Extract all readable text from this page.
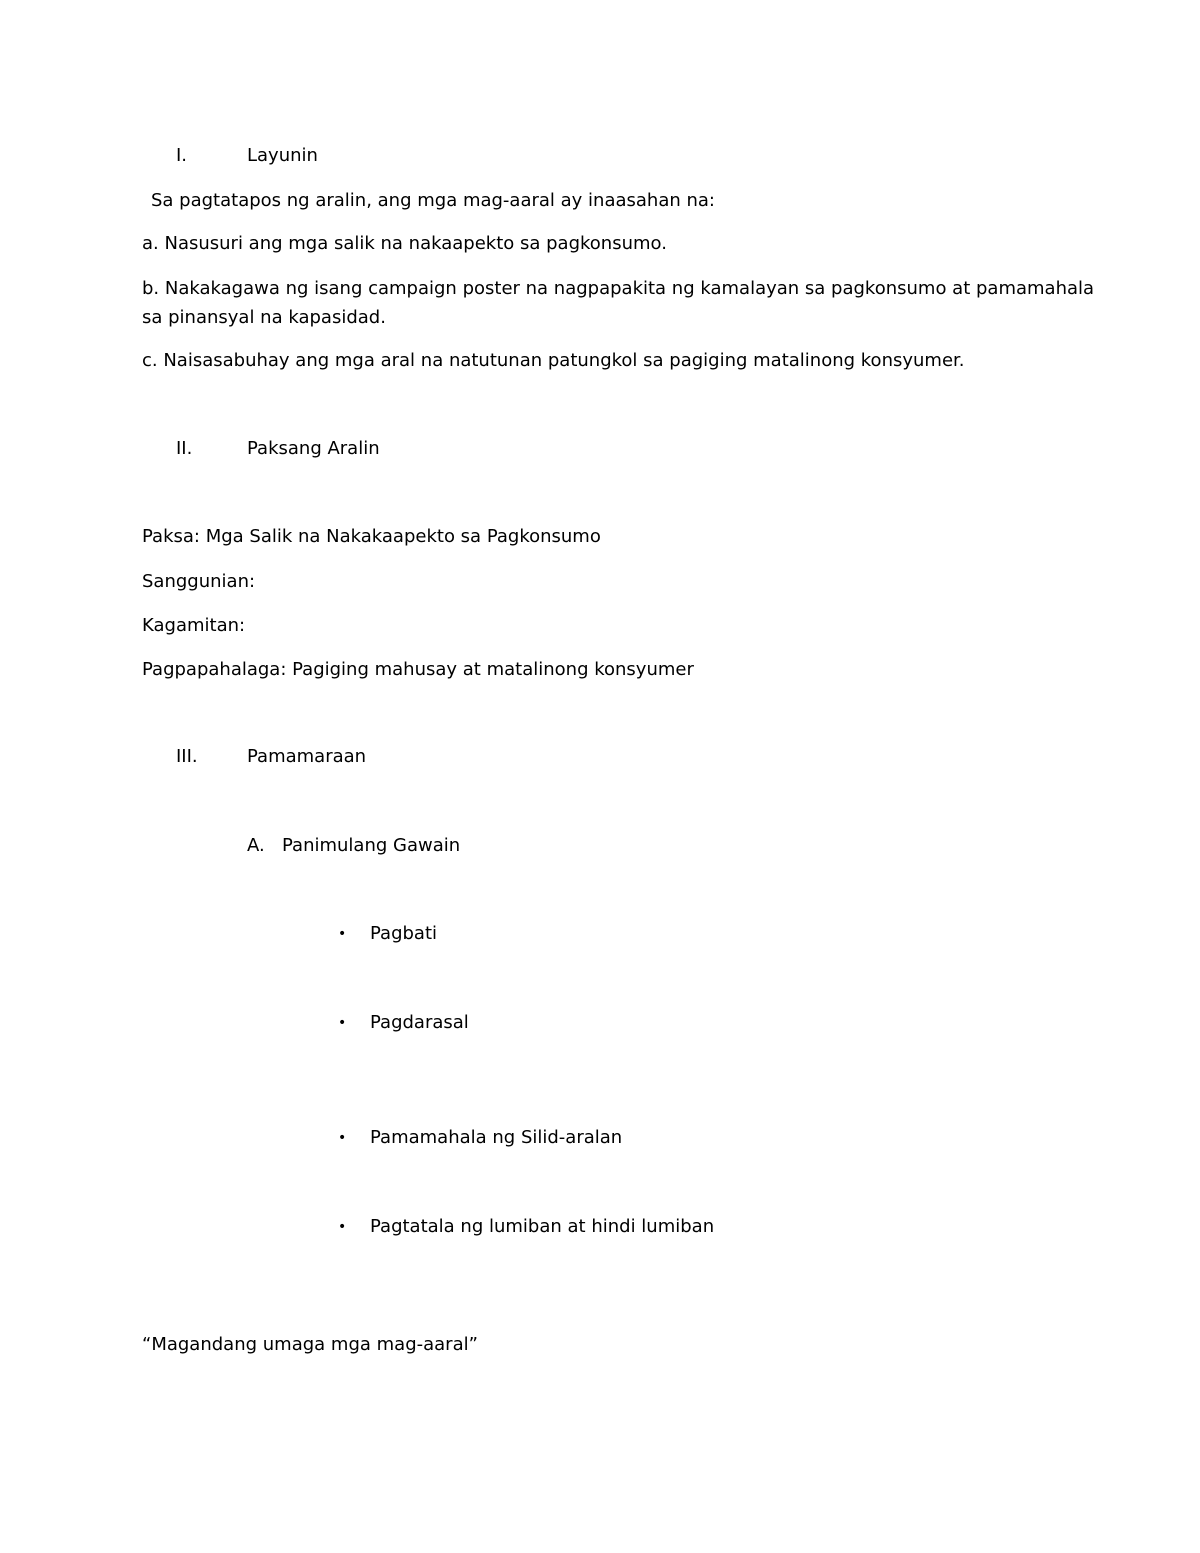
I.	Layunin
Sa pagtatapos ng aralin, ang mga mag-aaral ay inaasahan na:
a. Nasusuri ang mga salik na nakaapekto sa pagkonsumo.
b. Nakakagawa ng isang campaign poster na nagpapakita ng kamalayan sa pagkonsumo at pamamahala
sa pinansyal na kapasidad.
c. Naisasabuhay ang mga aral na natutunan patungkol sa pagiging matalinong konsyumer.
II.	Paksang Aralin
Paksa: Mga Salik na Nakakaapekto sa Pagkonsumo
Sanggunian:
Kagamitan:
Pagpapahalaga: Pagiging mahusay at matalinong konsyumer
III.	Pamamaraan
A. Panimulang Gawain
• Pagbati
• Pagdarasal
• Pamamahala ng Silid-aralan
• Pagtatala ng lumiban at hindi lumiban
“Magandang umaga mga mag-aaral”
